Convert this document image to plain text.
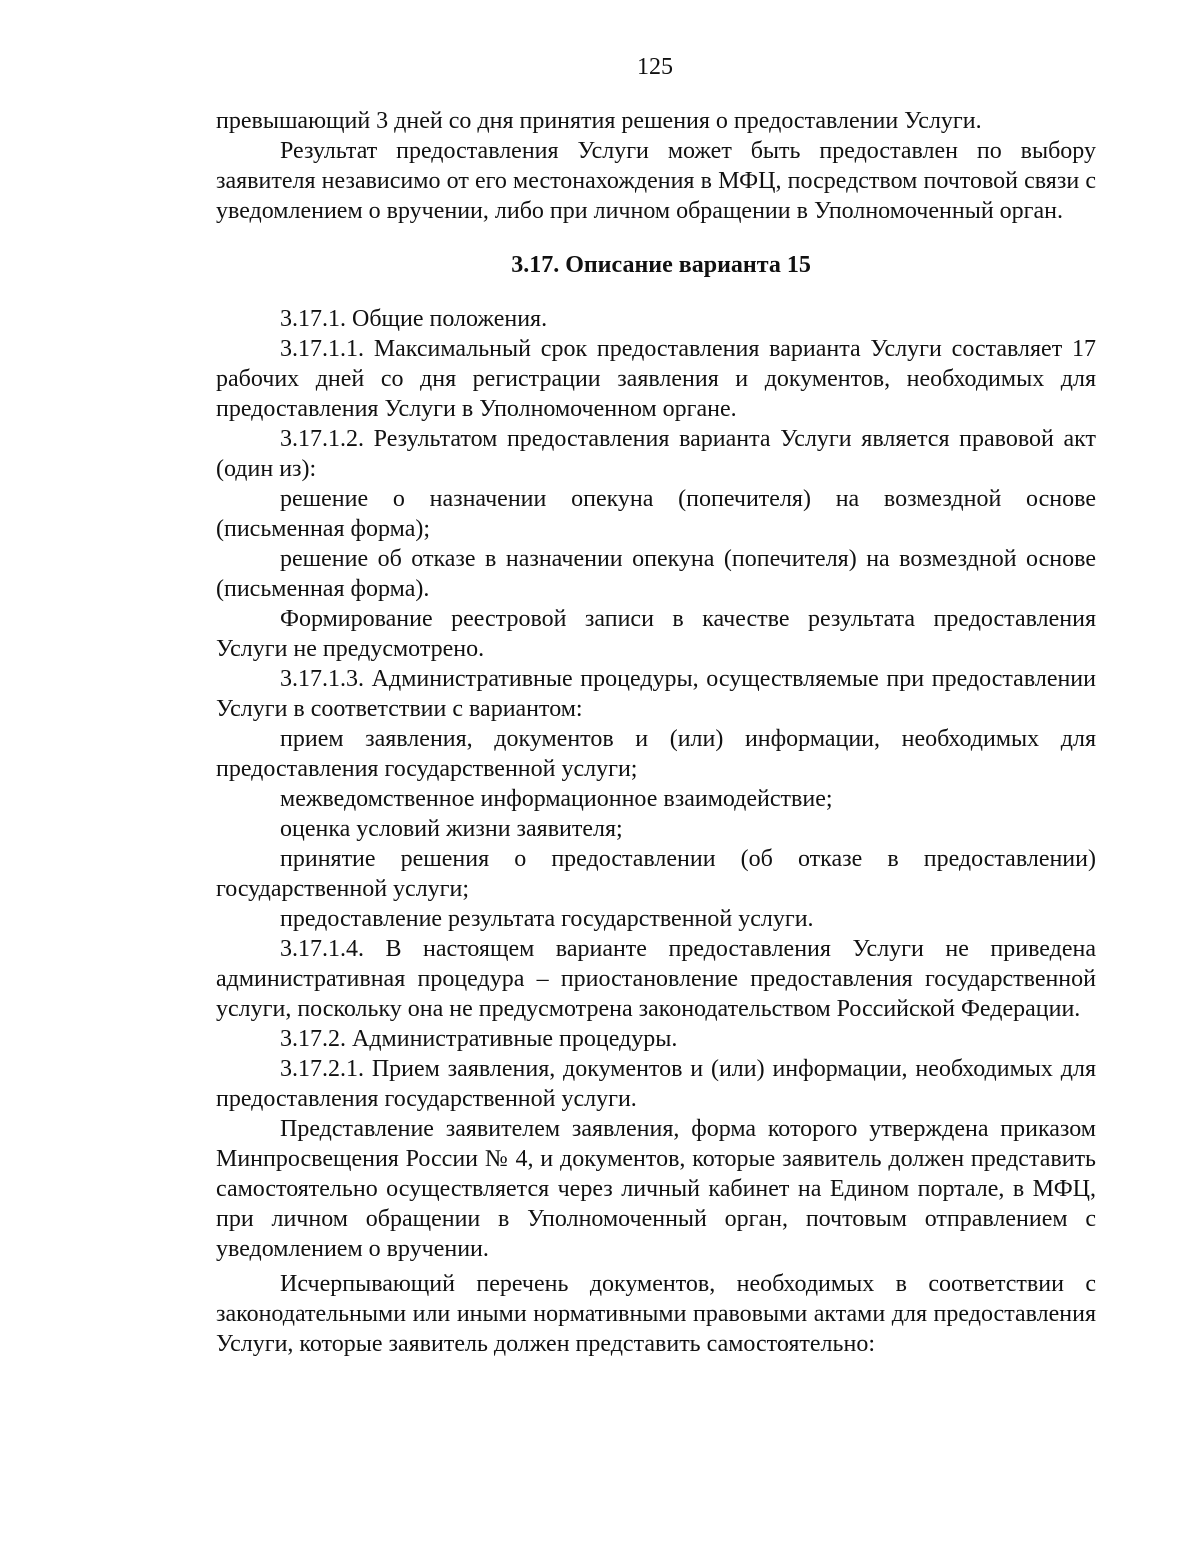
125

превышающий 3 дней со дня принятия решения о предоставлении Услуги.

Результат предоставления Услуги может быть предоставлен по выбору заявителя независимо от его местонахождения в МФЦ, посредством почтовой связи с уведомлением о вручении, либо при личном обращении в Уполномоченный орган.

3.17. Описание варианта 15

3.17.1. Общие положения.

3.17.1.1. Максимальный срок предоставления варианта Услуги составляет 17 рабочих дней со дня регистрации заявления и документов, необходимых для предоставления Услуги в Уполномоченном органе.

3.17.1.2. Результатом предоставления варианта Услуги является правовой акт (один из):

решение о назначении опекуна (попечителя) на возмездной основе (письменная форма);

решение об отказе в назначении опекуна (попечителя) на возмездной основе (письменная форма).

Формирование реестровой записи в качестве результата предоставления Услуги не предусмотрено.

3.17.1.3. Административные процедуры, осуществляемые при предоставлении Услуги в соответствии с вариантом:

прием заявления, документов и (или) информации, необходимых для предоставления государственной услуги;

межведомственное информационное взаимодействие;

оценка условий жизни заявителя;

принятие решения о предоставлении (об отказе в предоставлении) государственной услуги;

предоставление результата государственной услуги.

3.17.1.4. В настоящем варианте предоставления Услуги не приведена административная процедура – приостановление предоставления государственной услуги, поскольку она не предусмотрена законодательством Российской Федерации.

3.17.2. Административные процедуры.

3.17.2.1. Прием заявления, документов и (или) информации, необходимых для предоставления государственной услуги.

Представление заявителем заявления, форма которого утверждена приказом Минпросвещения России № 4, и документов, которые заявитель должен представить самостоятельно осуществляется через личный кабинет на Едином портале, в МФЦ, при личном обращении в Уполномоченный орган, почтовым отправлением с уведомлением о вручении.

Исчерпывающий перечень документов, необходимых в соответствии с законодательными или иными нормативными правовыми актами для предоставления Услуги, которые заявитель должен представить самостоятельно:
